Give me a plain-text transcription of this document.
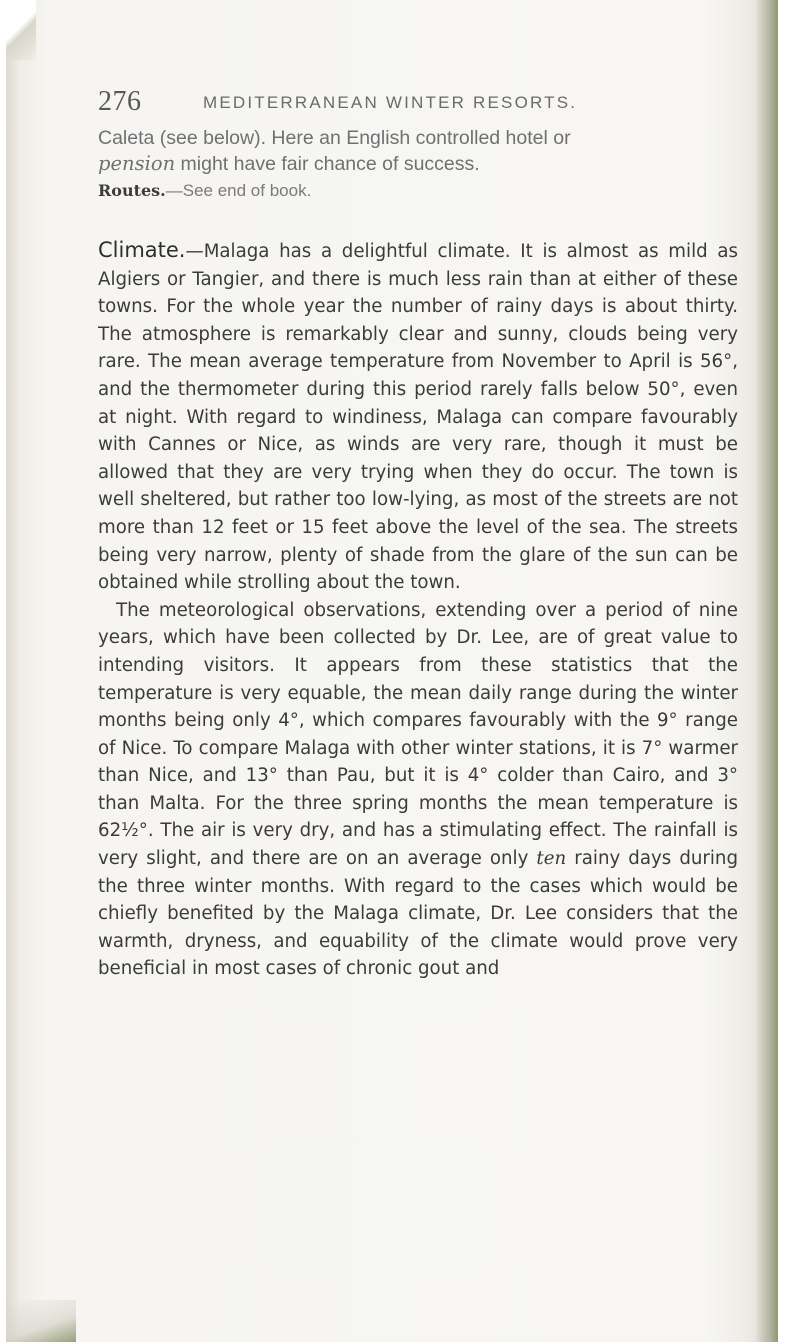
276	MEDITERRANEAN WINTER RESORTS.
Caleta (see below). Here an English controlled hotel or
pension might have fair chance of success.
Routes.—See end of book.
Climate.—Malaga has a delightful climate. It is almost as mild as Algiers or Tangier, and there is much less rain than at either of these towns. For the whole year the number of rainy days is about thirty. The atmosphere is remarkably clear and sunny, clouds being very rare. The mean average temperature from November to April is 56°, and the thermometer during this period rarely falls below 50°, even at night. With regard to windiness, Malaga can compare favourably with Cannes or Nice, as winds are very rare, though it must be allowed that they are very trying when they do occur. The town is well sheltered, but rather too low-lying, as most of the streets are not more than 12 feet or 15 feet above the level of the sea. The streets being very narrow, plenty of shade from the glare of the sun can be obtained while strolling about the town.
The meteorological observations, extending over a period of nine years, which have been collected by Dr. Lee, are of great value to intending visitors. It appears from these statistics that the temperature is very equable, the mean daily range during the winter months being only 4°, which compares favourably with the 9° range of Nice. To compare Malaga with other winter stations, it is 7° warmer than Nice, and 13° than Pau, but it is 4° colder than Cairo, and 3° than Malta. For the three spring months the mean temperature is 62½°. The air is very dry, and has a stimulating effect. The rainfall is very slight, and there are on an average only ten rainy days during the three winter months. With regard to the cases which would be chiefly benefited by the Malaga climate, Dr. Lee considers that the warmth, dryness, and equability of the climate would prove very beneficial in most cases of chronic gout and
